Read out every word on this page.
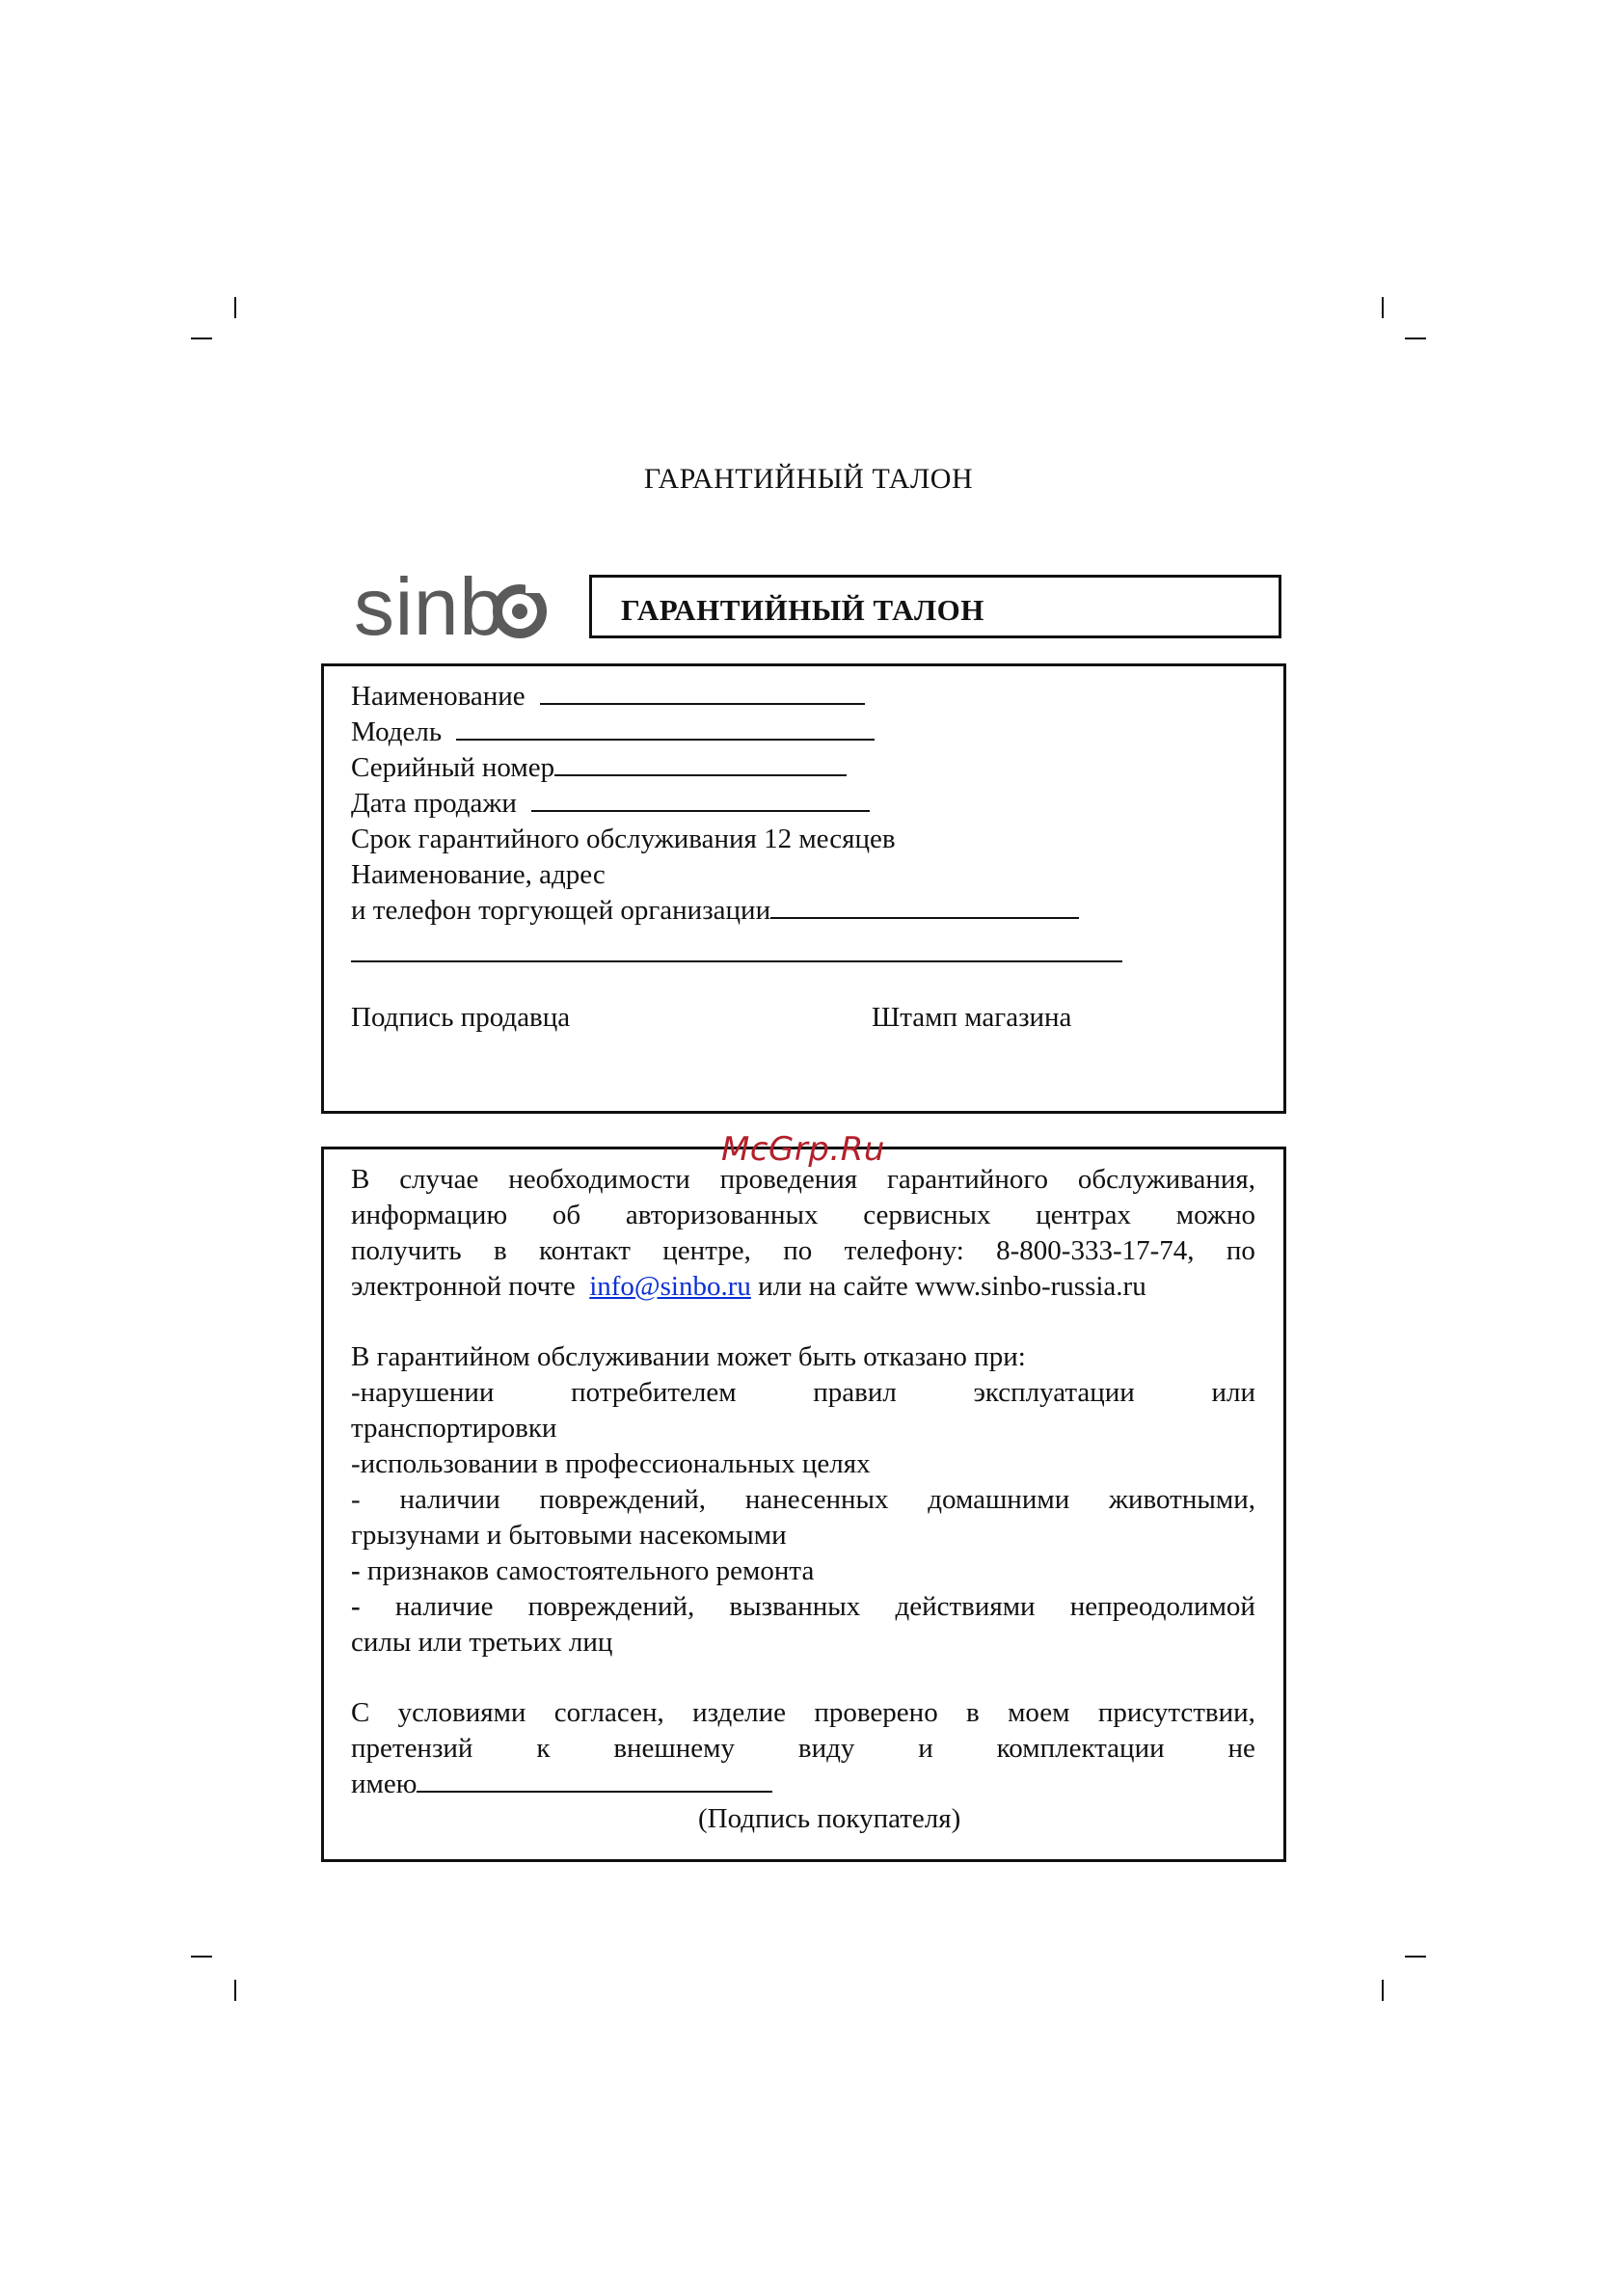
ГАРАНТИЙНЫЙ ТАЛОН
sinb	ГАРАНТИЙНЫЙ ТАЛОН
Наименование
Модель
Серийный номер
Дата продажи
Срок гарантийного обслуживания 12 месяцев
Наименование, адрес
и телефон торгующей организации
Подпись продавца	Штамп магазина
McGrp.Ru
В случае необходимости проведения гарантийного обслуживания,
информацию об авторизованных сервисных центрах можно
получить в контакт центре, по телефону: 8-800-333-17-74, по
электронной почте info@sinbo.ru или на сайте www.sinbo-russia.ru
В гарантийном обслуживании может быть отказано при:
-нарушении	потребителем	правил	эксплуатации	или
транспортировки
-использовании в профессиональных целях
- наличии повреждений, нанесенных домашними животными,
грызунами и бытовыми насекомыми
- признаков самостоятельного ремонта
- наличие повреждений, вызванных действиями непреодолимой
силы или третьих лиц
С условиями согласен, изделие проверено в моем присутствии,
претензий к внешнему виду и комплектации не
имею
(Подпись покупателя)
